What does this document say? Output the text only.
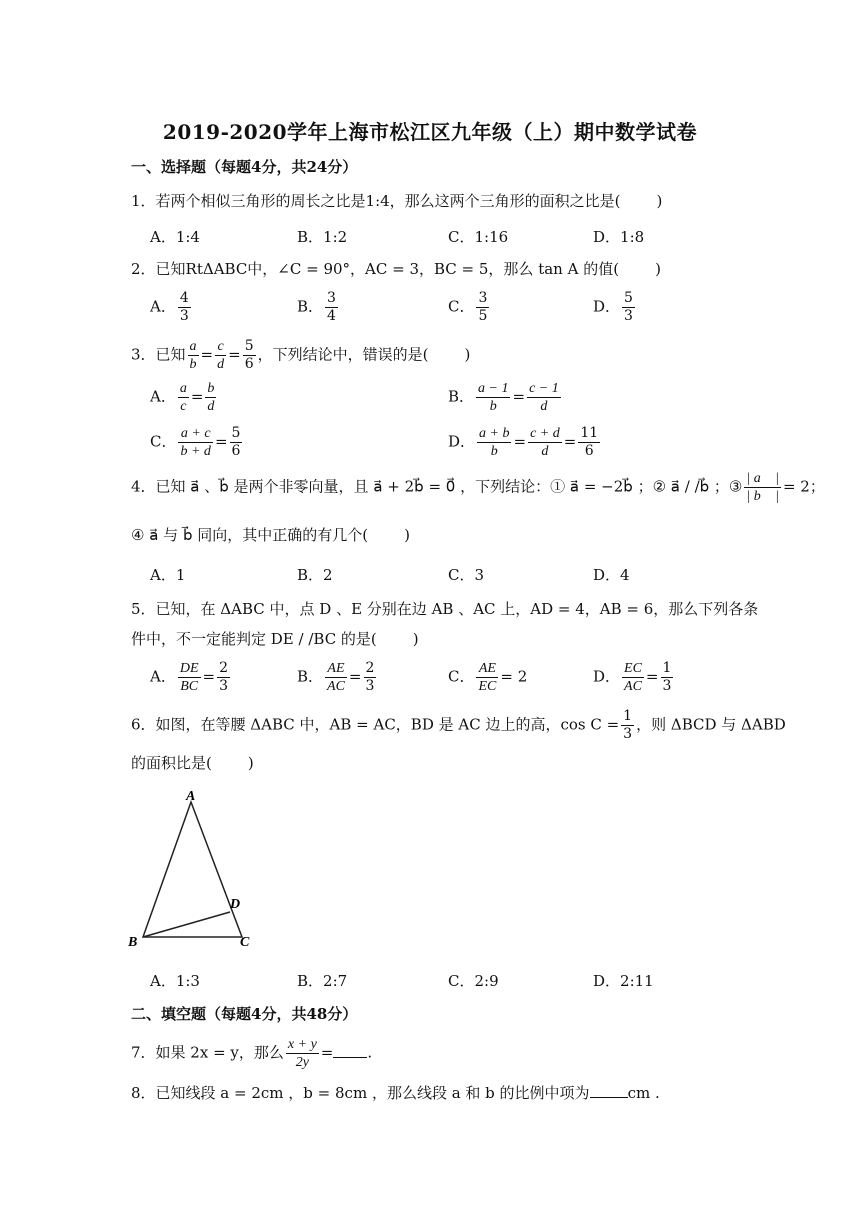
2019-2020学年上海市松江区九年级（上）期中数学试卷
一、选择题（每题4分，共24分）
1．若两个相似三角形的周长之比是1:4，那么这两个三角形的面积之比是( )
A．1:4	B．1:2	C．1:16	D．1:8
2．已知RtΔABC中，∠C = 90°，AC = 3，BC = 5，那么 tan A 的值( )
A． $\frac{4}{3}$	B． $\frac{3}{4}$	C． $\frac{3}{5}$	D． $\frac{5}{3}$
3．已知 $\frac{a}{b} = \frac{c}{d} = \frac{5}{6}$ ，下列结论中，错误的是( )
A． $\frac{a}{c} = \frac{b}{d}$	B． $\frac{a - 1}{b} = \frac{c - 1}{d}$
C． $\frac{a + c}{b + d} = \frac{5}{6}$	D． $\frac{a + b}{b} = \frac{c + d}{d} = \frac{11}{6}$
4．已知 a⃗ 、b⃗ 是两个非零向量，且 a⃗ + 2b⃗ = 0⃗ ，下列结论：① a⃗ = −2b⃗ ；② a⃗ / /b⃗ ；③ $\frac{| a⃗ |}{| b⃗ |} = 2$；
④ a⃗ 与 b⃗ 同向，其中正确的有几个( )
A．1	B．2	C．3	D．4
5．已知，在 ΔABC 中，点 D 、E 分别在边 AB 、AC 上，AD = 4，AB = 6，那么下列各条
件中，不一定能判定 DE / /BC 的是( )
A． $\frac{DE}{BC} = \frac{2}{3}$	B． $\frac{AE}{AC} = \frac{2}{3}$	C． $\frac{AE}{EC} = 2$	D． $\frac{EC}{AC} = \frac{1}{3}$
6．如图，在等腰 ΔABC 中，AB = AC，BD 是 AC 边上的高，$\cos C = \frac{1}{3}$ ，则 ΔBCD 与 ΔABD
的面积比是( )
A
B	C
D
A．1:3	B．2:7	C．2:9	D．2:11
二、填空题（每题4分，共48分）
7．如果 2x = y，那么 $\frac{x + y}{2y}$ = .
8．已知线段 a = 2cm ，b = 8cm ，那么线段 a 和 b 的比例中项为	cm .
